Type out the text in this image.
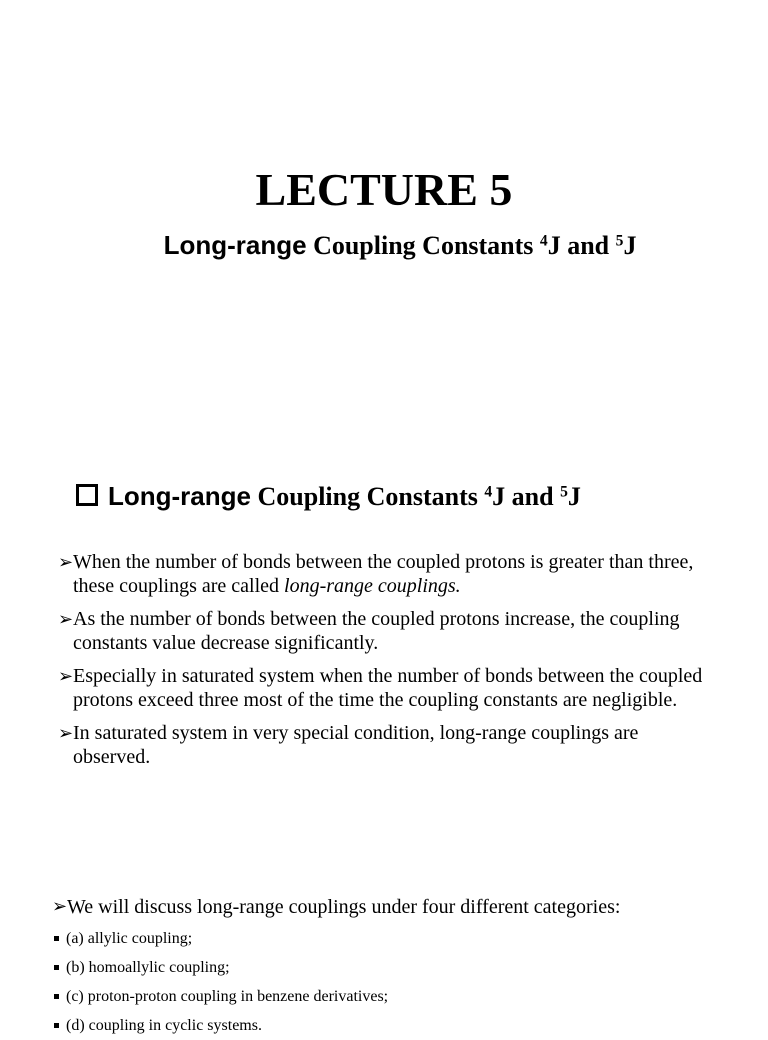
LECTURE 5
Long-range Coupling Constants $^4$J and $^5$J
Long-range Coupling Constants $^4$J and $^5$J
➢ When the number of bonds between the coupled protons is greater than three, these couplings are called long-range couplings.
➢ As the number of bonds between the coupled protons increase, the coupling constants value decrease significantly.
➢ Especially in saturated system when the number of bonds between the coupled protons exceed three most of the time the coupling constants are negligible.
➢ In saturated system in very special condition, long-range couplings are observed.
➢ We will discuss long-range couplings under four different categories:
(a) allylic coupling;
(b) homoallylic coupling;
(c) proton-proton coupling in benzene derivatives;
(d) coupling in cyclic systems.
